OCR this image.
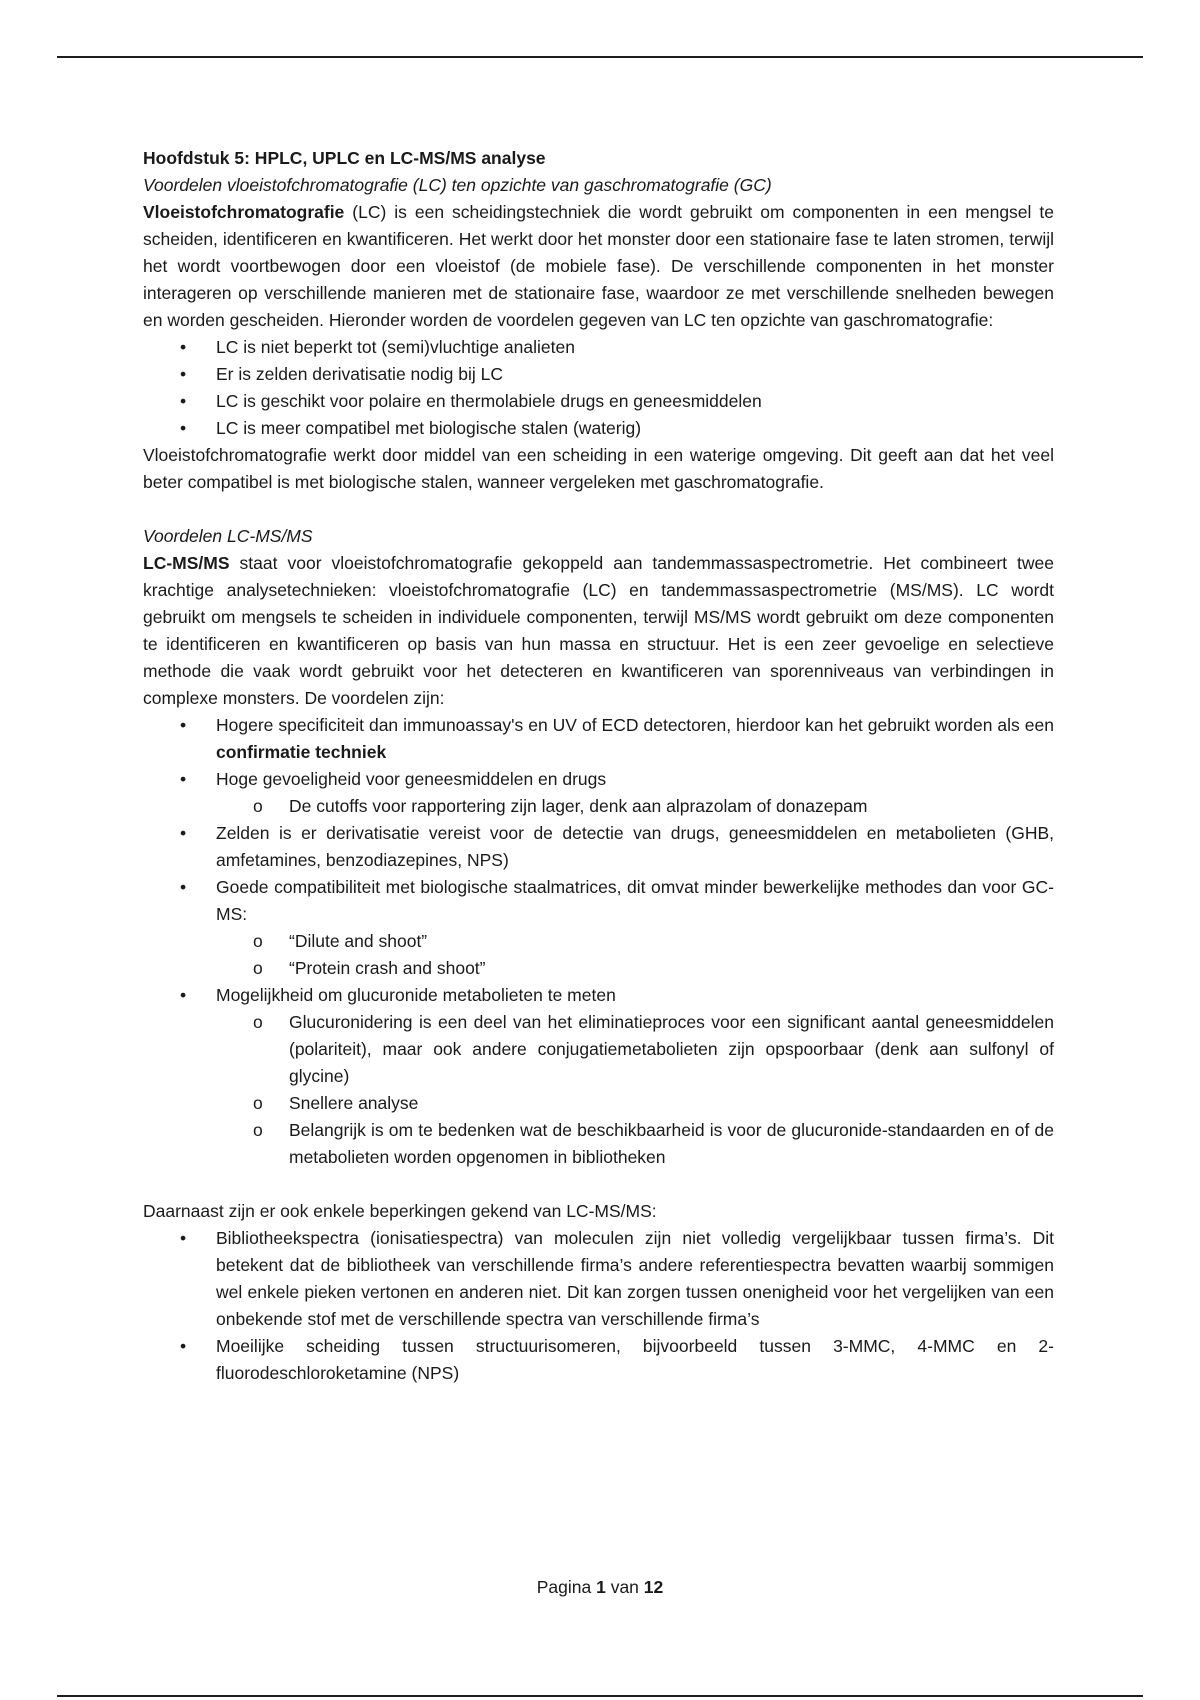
Hoofdstuk 5: HPLC, UPLC en LC-MS/MS analyse

Voordelen vloeistofchromatografie (LC) ten opzichte van gaschromatografie (GC)

Vloeistofchromatografie (LC) is een scheidingstechniek die wordt gebruikt om componenten in een mengsel te scheiden, identificeren en kwantificeren. Het werkt door het monster door een stationaire fase te laten stromen, terwijl het wordt voortbewogen door een vloeistof (de mobiele fase). De verschillende componenten in het monster interageren op verschillende manieren met de stationaire fase, waardoor ze met verschillende snelheden bewegen en worden gescheiden. Hieronder worden de voordelen gegeven van LC ten opzichte van gaschromatografie:

• LC is niet beperkt tot (semi)vluchtige analieten
• Er is zelden derivatisatie nodig bij LC
• LC is geschikt voor polaire en thermolabiele drugs en geneesmiddelen
• LC is meer compatibel met biologische stalen (waterig)

Vloeistofchromatografie werkt door middel van een scheiding in een waterige omgeving. Dit geeft aan dat het veel beter compatibel is met biologische stalen, wanneer vergeleken met gaschromatografie.

Voordelen LC-MS/MS

LC-MS/MS staat voor vloeistofchromatografie gekoppeld aan tandemmassaspectrometrie. Het combineert twee krachtige analysetechnieken: vloeistofchromatografie (LC) en tandemmassaspectrometrie (MS/MS). LC wordt gebruikt om mengsels te scheiden in individuele componenten, terwijl MS/MS wordt gebruikt om deze componenten te identificeren en kwantificeren op basis van hun massa en structuur. Het is een zeer gevoelige en selectieve methode die vaak wordt gebruikt voor het detecteren en kwantificeren van sporenniveaus van verbindingen in complexe monsters. De voordelen zijn:

• Hogere specificiteit dan immunoassay's en UV of ECD detectoren, hierdoor kan het gebruikt worden als een confirmatie techniek
• Hoge gevoeligheid voor geneesmiddelen en drugs
o De cutoffs voor rapportering zijn lager, denk aan alprazolam of donazepam
• Zelden is er derivatisatie vereist voor de detectie van drugs, geneesmiddelen en metabolieten (GHB, amfetamines, benzodiazepines, NPS)
• Goede compatibiliteit met biologische staalmatrices, dit omvat minder bewerkelijke methodes dan voor GC-MS:
o “Dilute and shoot”
o “Protein crash and shoot”
• Mogelijkheid om glucuronide metabolieten te meten
o Glucuronidering is een deel van het eliminatieproces voor een significant aantal geneesmiddelen (polariteit), maar ook andere conjugatiemetabolieten zijn opspoorbaar (denk aan sulfonyl of glycine)
o Snellere analyse
o Belangrijk is om te bedenken wat de beschikbaarheid is voor de glucuronide-standaarden en of de metabolieten worden opgenomen in bibliotheken

Daarnaast zijn er ook enkele beperkingen gekend van LC-MS/MS:

• Bibliotheekspectra (ionisatiespectra) van moleculen zijn niet volledig vergelijkbaar tussen firma’s. Dit betekent dat de bibliotheek van verschillende firma’s andere referentiespectra bevatten waarbij sommigen wel enkele pieken vertonen en anderen niet. Dit kan zorgen tussen onenigheid voor het vergelijken van een onbekende stof met de verschillende spectra van verschillende firma’s
• Moeilijke scheiding tussen structuurisomeren, bijvoorbeeld tussen 3-MMC, 4-MMC en 2-fluorodeschloroketamine (NPS)
Pagina 1 van 12
